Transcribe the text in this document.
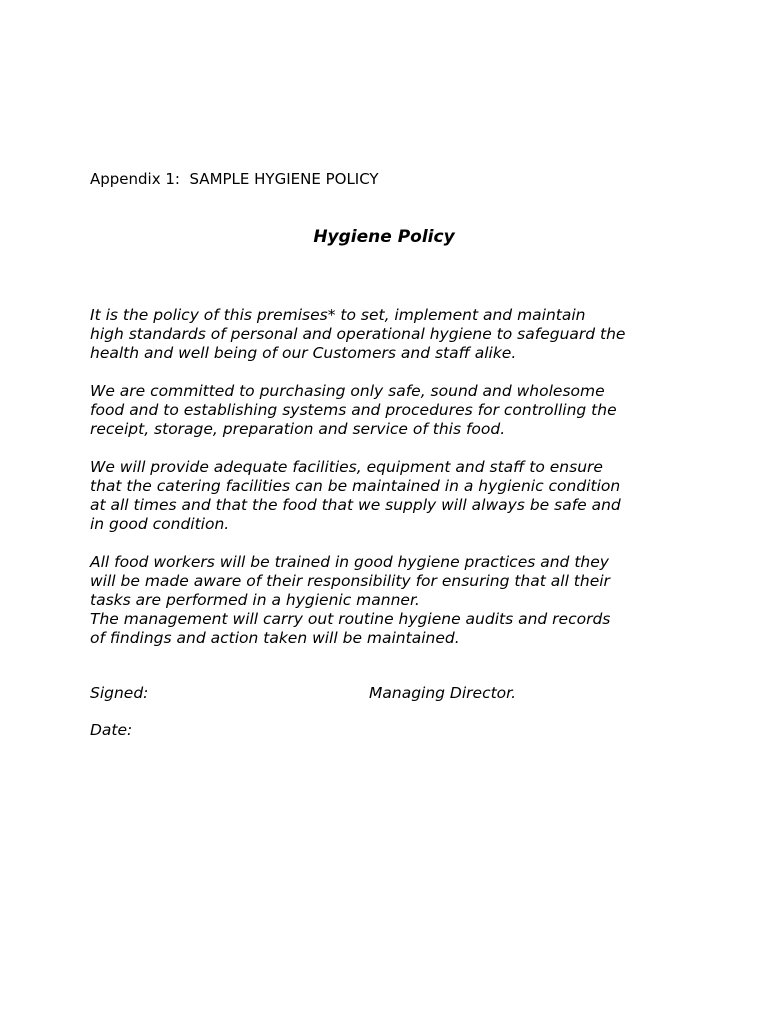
Appendix 1:  SAMPLE HYGIENE POLICY
Hygiene Policy

It is the policy of this premises* to set, implement and maintain
high standards of personal and operational hygiene to safeguard the
health and well being of our Customers and staff alike.

We are committed to purchasing only safe, sound and wholesome
food and to establishing systems and procedures for controlling the
receipt, storage, preparation and service of this food.

We will provide adequate facilities, equipment and staff to ensure
that the catering facilities can be maintained in a hygienic condition
at all times and that the food that we supply will always be safe and
in good condition.

All food workers will be trained in good hygiene practices and they
will be made aware of their responsibility for ensuring that all their
tasks are performed in a hygienic manner.
The management will carry out routine hygiene audits and records
of findings and action taken will be maintained.

Signed:	Managing Director.
Date:
